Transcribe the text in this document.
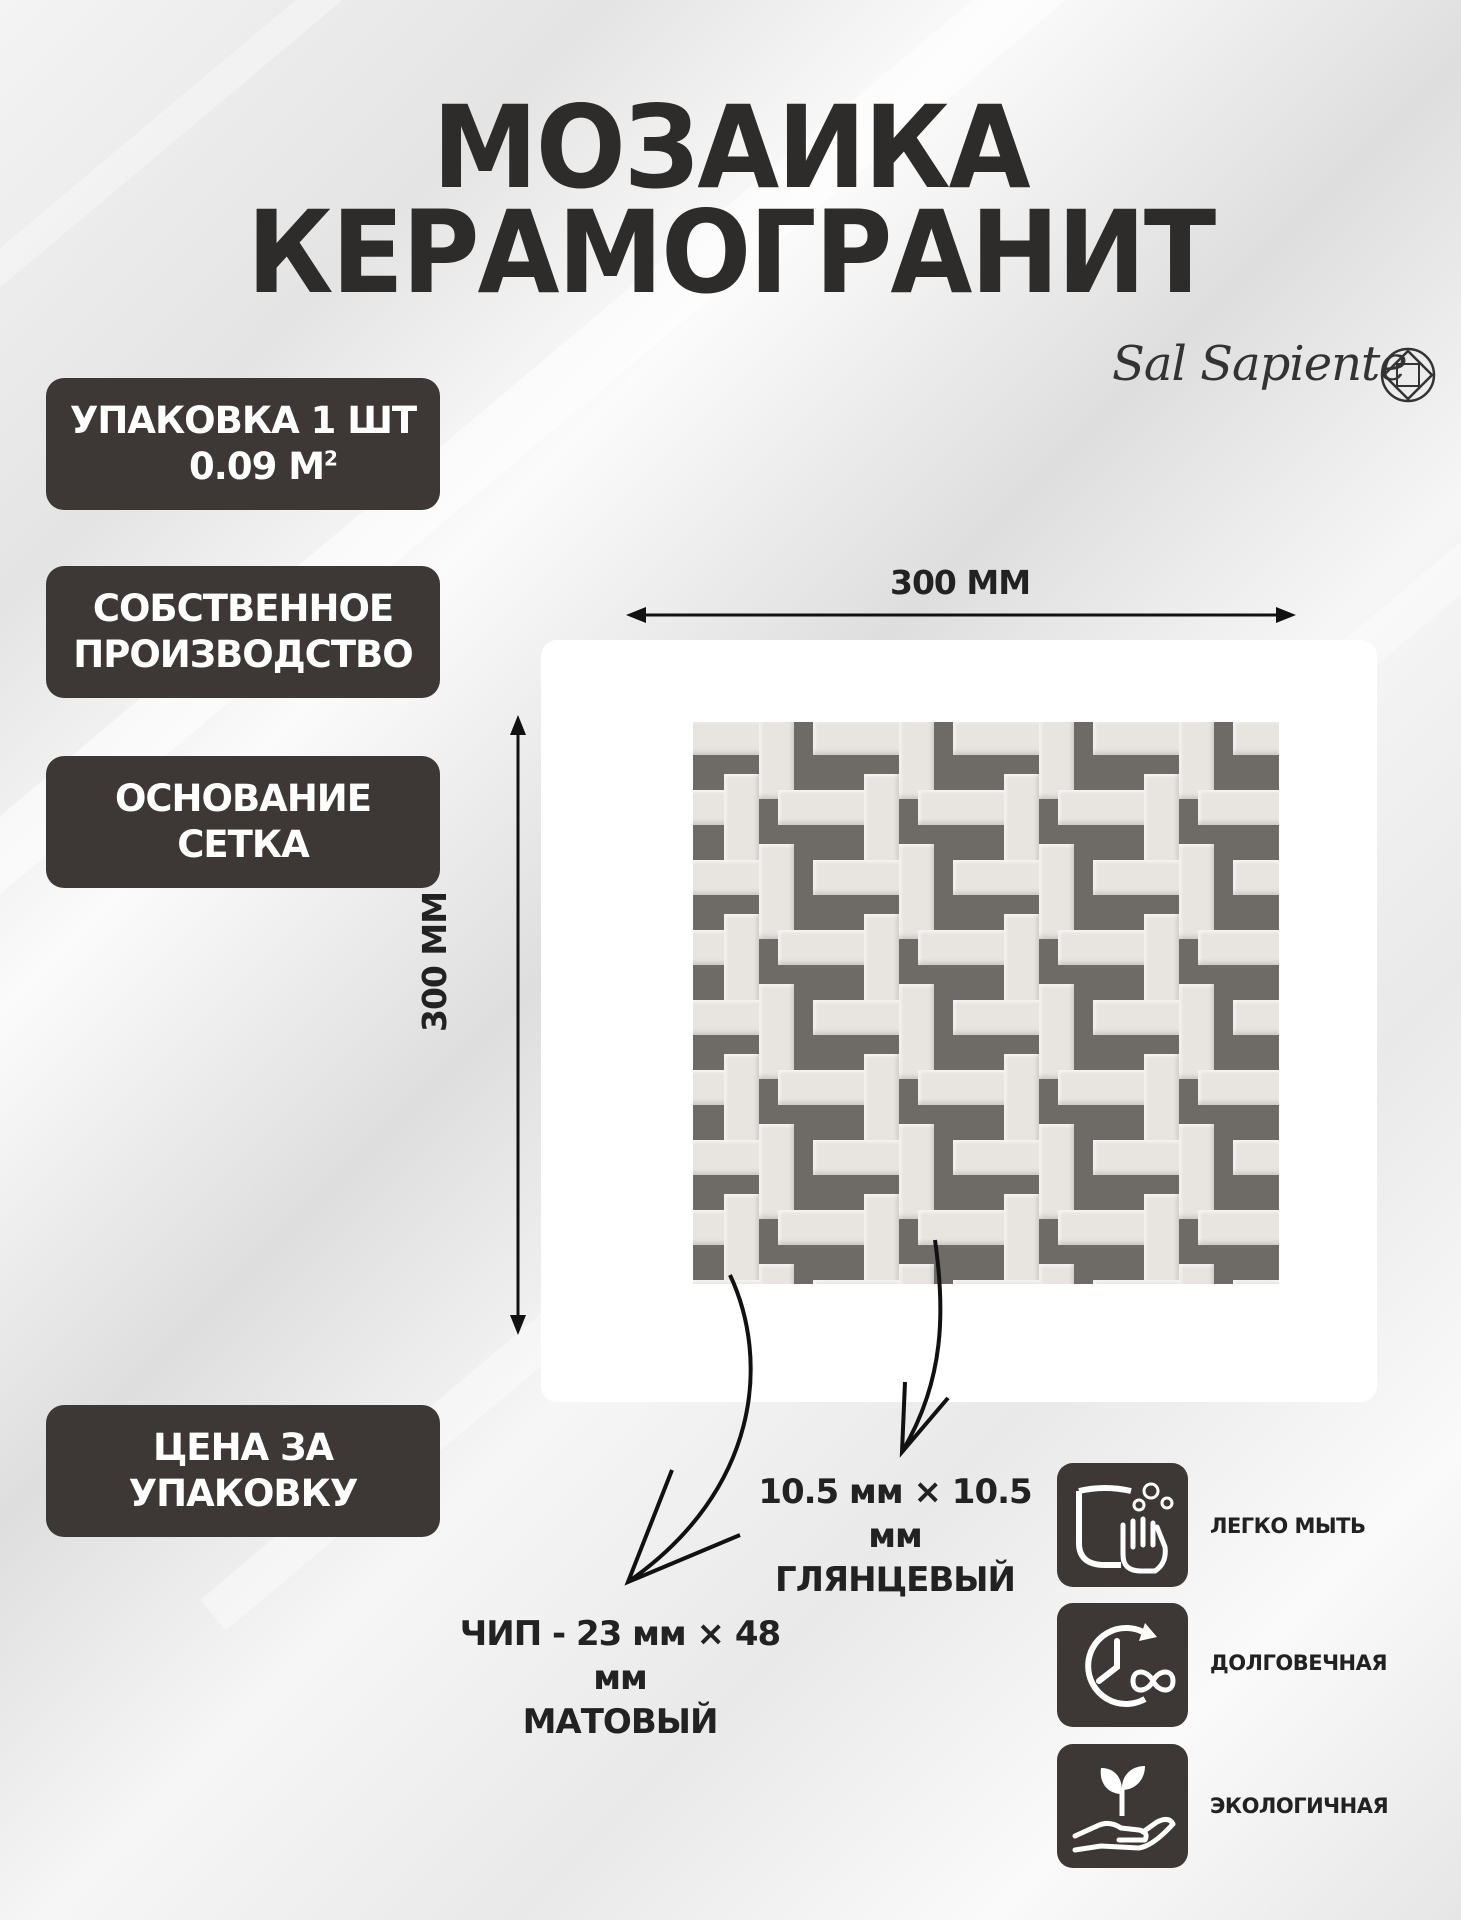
МОЗАИКА
КЕРАМОГРАНИТ
Sal Sapiente
УПАКОВКА 1 ШТ
0.09 $М^2$
СОБСТВЕННОЕ
ПРОИЗВОДСТВО
ОСНОВАНИЕ
СЕТКА
ЦЕНА ЗА
УПАКОВКУ
300 ММ
300 ММ
10.5 мм × 10.5 мм
ГЛЯНЦЕВЫЙ
ЧИП - 23 мм × 48 мм
МАТОВЫЙ
ЛЕГКО МЫТЬ
ДОЛГОВЕЧНАЯ
ЭКОЛОГИЧНАЯ
